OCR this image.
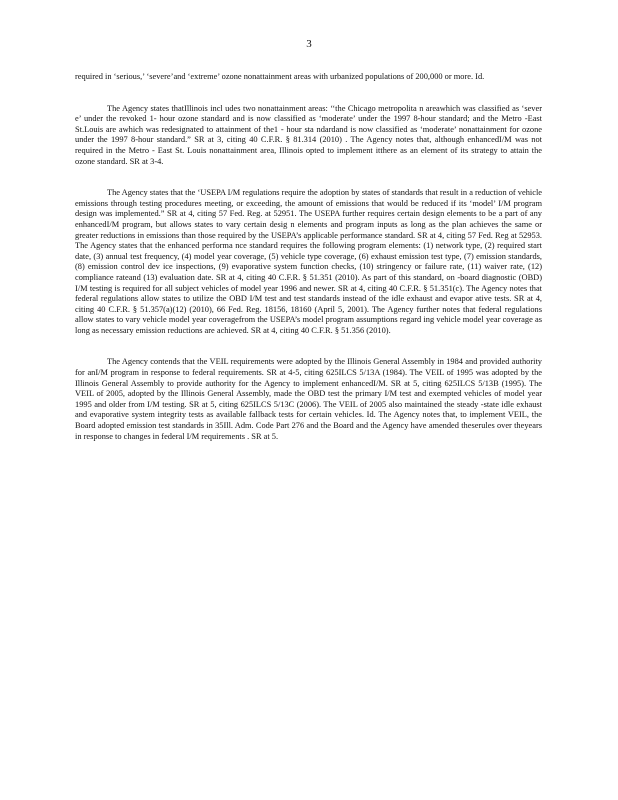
3

required in ‘serious,’ ‘severe’and ‘extreme’ ozone nonattainment areas with urbanized populations of 200,000 or more. Id.

The Agency states thatIllinois incl udes two nonattainment areas: ‘‘the Chicago metropolita n areawhich was classified as ‘sever e’ under the revoked 1- hour ozone standard and is now classified as ‘moderate’ under the 1997 8-hour standard; and the Metro -East St.Louis are awhich was redesignated to attainment of the1 - hour sta ndardand is now classified as ‘moderate’ nonattainment for ozone under the 1997 8-hour standard.” SR at 3, citing 40 C.F.R. § 81.314 (2010) . The Agency notes that, although enhancedI/M was not required in the Metro - East St. Louis nonattainment area, Illinois opted to implement itthere as an element of its strategy to attain the ozone standard. SR at 3-4.

The Agency states that the ‘USEPA I/M regulations require the adoption by states of standards that result in a reduction of vehicle emissions through testing procedures meeting, or exceeding, the amount of emissions that would be reduced if its ‘model’ I/M program design was implemented.” SR at 4, citing 57 Fed. Reg. at 52951. The USEPA further requires certain design elements to be a part of any enhancedI/M program, but allows states to vary certain desig n elements and program inputs as long as the plan achieves the same or greater reductions in emissions than those required by the USEPA’s applicable performance standard. SR at 4, citing 57 Fed. Reg at 52953. The Agency states that the enhanced performa nce standard requires the following program elements: (1) network type, (2) required start date, (3) annual test frequency, (4) model year coverage, (5) vehicle type coverage, (6) exhaust emission test type, (7) emission standards, (8) emission control dev ice inspections, (9) evaporative system function checks, (10) stringency or failure rate, (11) waiver rate, (12) compliance rateand (13) evaluation date. SR at 4, citing 40 C.F.R. § 51.351 (2010). As part of this standard, on -board diagnostic (OBD) I/M testing is required for all subject vehicles of model year 1996 and newer. SR at 4, citing 40 C.F.R. § 51.351(c). The Agency notes that federal regulations allow states to utilize the OBD I/M test and test standards instead of the idle exhaust and evapor ative tests. SR at 4, citing 40 C.F.R. § 51.357(a)(12) (2010), 66 Fed. Reg. 18156, 18160 (April 5, 2001). The Agency further notes that federal regulations allow states to vary vehicle model year coveragefrom the USEPA’s model program assumptions regard ing vehicle model year coverage as long as necessary emission reductions are achieved. SR at 4, citing 40 C.F.R. § 51.356 (2010).

The Agency contends that the VEIL requirements were adopted by the Illinois General Assembly in 1984 and provided authority for anI/M program in response to federal requirements. SR at 4-5, citing 625ILCS 5/13A (1984). The VEIL of 1995 was adopted by the Illinois General Assembly to provide authority for the Agency to implement enhancedI/M. SR at 5, citing 625ILCS 5/13B (1995). The VEIL of 2005, adopted by the Illinois General Assembly, made the OBD test the primary I/M test and exempted vehicles of model year 1995 and older from I/M testing. SR at 5, citing 625ILCS 5/13C (2006). The VEIL of 2005 also maintained the steady -state idle exhaust and evaporative system integrity tests as available fallback tests for certain vehicles. Id. The Agency notes that, to implement VEIL, the Board adopted emission test standards in 35Ill. Adm. Code Part 276 and the Board and the Agency have amended theserules over theyears in response to changes in federal I/M requirements . SR at 5.
